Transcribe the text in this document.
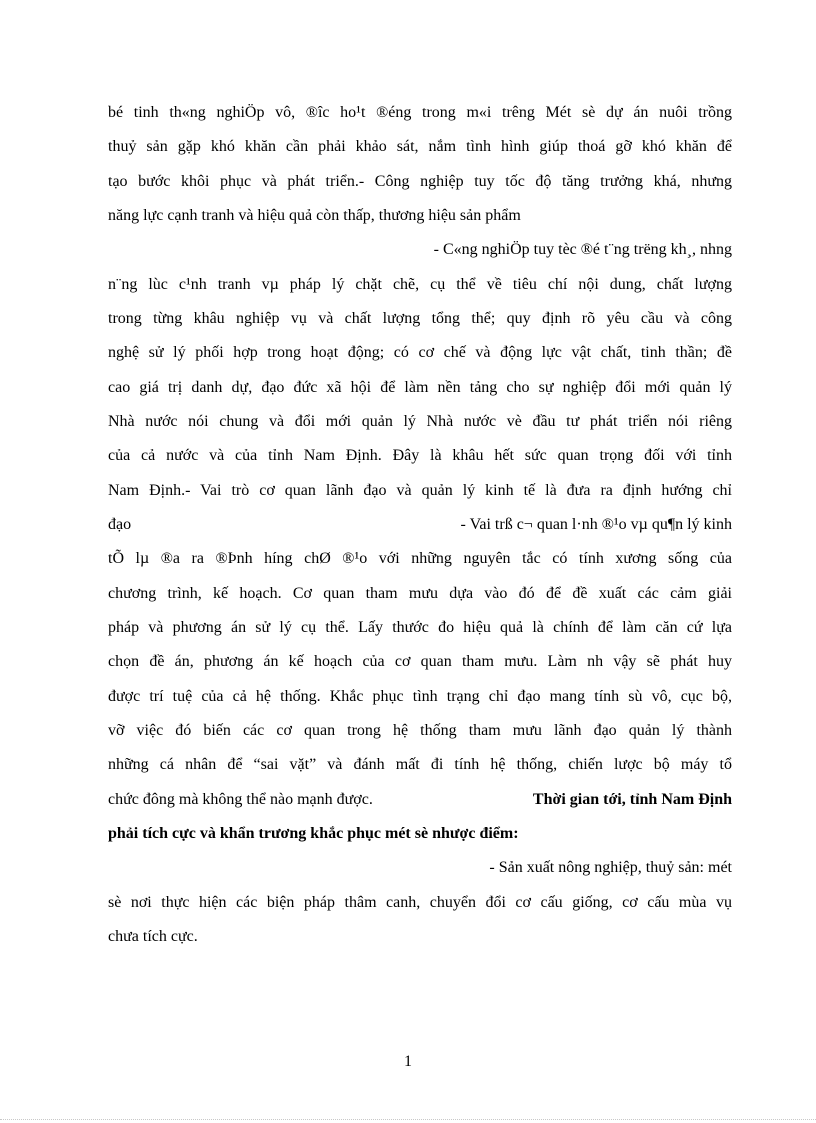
bé tinh th«ng nghiÖp vô, ®îc ho¹t ®éng trong m«i trêng Mét sè dự án nuôi trồng
thuỷ sản gặp khó khăn cần phải khảo sát, nắm tình hình giúp thoá gỡ khó khăn để
tạo bước khôi phục và phát triển.- Công nghiệp tuy tốc độ tăng trưởng khá, nhưng
năng lực cạnh tranh và hiệu quả còn thấp, thương hiệu sản phẩm
- C«ng nghiÖp tuy tèc ®é t¨ng trëng kh¸, nhng
n¨ng lùc c¹nh tranh vµ pháp lý chặt chẽ, cụ thể về tiêu chí nội dung, chất lượng
trong từng khâu nghiệp vụ và chất lượng tổng thể; quy định rõ yêu cầu và công
nghệ sử lý phối hợp trong hoạt động; có cơ chế và động lực vật chất, tinh thần; đề
cao giá trị danh dự, đạo đức xã hội để làm nền tảng cho sự nghiệp đổi mới quản lý
Nhà nước nói chung và đổi mới quản lý Nhà nước vè đầu tư phát triển nói riêng
của cả nước và của tỉnh Nam Định. Đây là khâu hết sức quan trọng đối với tỉnh
Nam Định.- Vai trò cơ quan lãnh đạo và quản lý kinh tế là đưa ra định hướng chỉ
đạo	- Vai trß c¬ quan l·nh ®¹o vµ qu¶n lý kinh
tÕ lµ ®a ra ®Þnh híng chØ ®¹o với những nguyên tắc có tính xương sống của
chương trình, kế hoạch. Cơ quan tham mưu dựa vào đó để đề xuất các cảm giải
pháp và phương án sử lý cụ thể. Lấy thước đo hiệu quả là chính để làm căn cứ lựa
chọn đề án, phương án kế hoạch của cơ quan tham mưu. Làm nh vậy sẽ phát huy
được trí tuệ của cả hệ thống. Khắc phục tình trạng chỉ đạo mang tính sù vô, cục bộ,
vỡ việc đó biến các cơ quan trong hệ thống tham mưu lãnh đạo quản lý thành
những cá nhân để “sai vặt” và đánh mất đi tính hệ thống, chiến lược bộ máy tổ
chức đông mà không thể nào mạnh được.	Thời gian tới, tỉnh Nam Định
phải tích cực và khẩn trương khắc phục mét sè nhược điểm:
- Sản xuất nông nghiệp, thuỷ sản: mét
sè nơi thực hiện các biện pháp thâm canh, chuyển đổi cơ cấu giống, cơ cấu mùa vụ
chưa tích cực.
1
